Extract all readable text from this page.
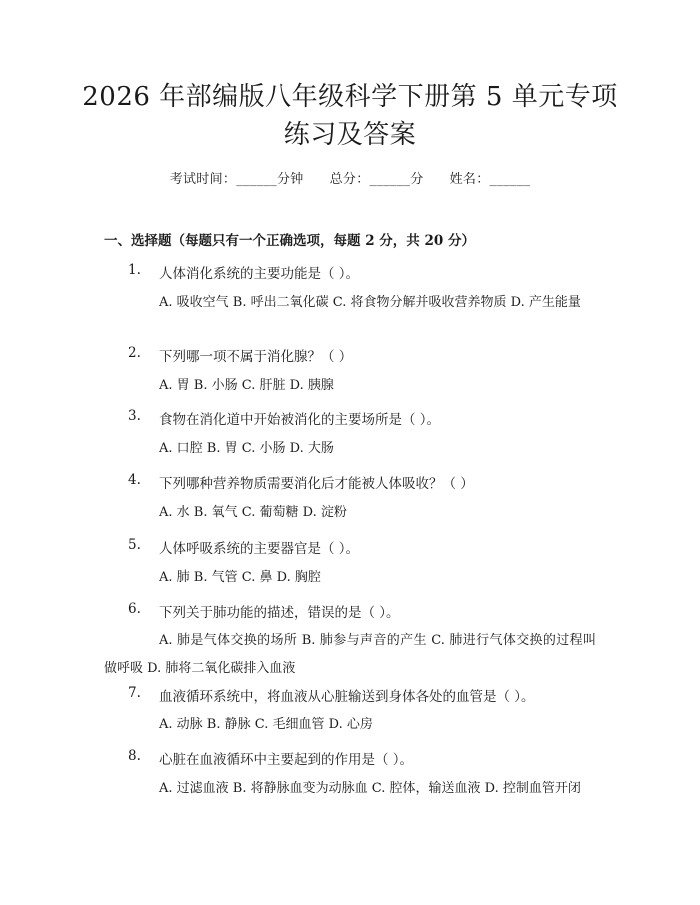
2026 年部编版八年级科学下册第 5 单元专项
练习及答案
考试时间：______分钟 总分：______分 姓名：______
一、选择题（每题只有一个正确选项，每题 2 分，共 20 分）
1. 人体消化系统的主要功能是（ ）。
A. 吸收空气 B. 呼出二氧化碳 C. 将食物分解并吸收营养物质 D. 产生能量
2. 下列哪一项不属于消化腺？（ ）
A. 胃 B. 小肠 C. 肝脏 D. 胰腺
3. 食物在消化道中开始被消化的主要场所是（ ）。
A. 口腔 B. 胃 C. 小肠 D. 大肠
4. 下列哪种营养物质需要消化后才能被人体吸收？（ ）
A. 水 B. 氧气 C. 葡萄糖 D. 淀粉
5. 人体呼吸系统的主要器官是（ ）。
A. 肺 B. 气管 C. 鼻 D. 胸腔
6. 下列关于肺功能的描述，错误的是（ ）。
A. 肺是气体交换的场所 B. 肺参与声音的产生 C. 肺进行气体交换的过程叫做呼吸 D. 肺将二氧化碳排入血液
7. 血液循环系统中，将血液从心脏输送到身体各处的血管是（ ）。
A. 动脉 B. 静脉 C. 毛细血管 D. 心房
8. 心脏在血液循环中主要起到的作用是（ ）。
A. 过滤血液 B. 将静脉血变为动脉血 C. 腔体，输送血液 D. 控制血管开闭
